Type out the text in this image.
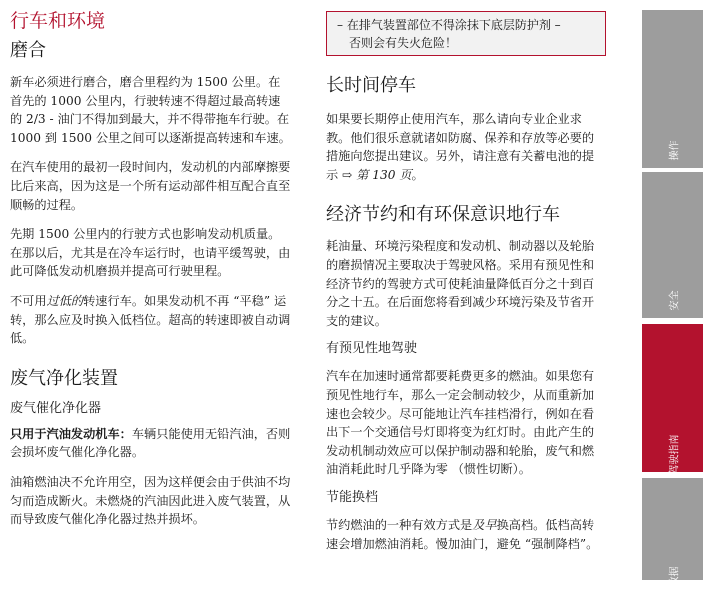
行车和环境
磨合

新车必须进行磨合，磨合里程约为 1500 公里。在首先的 1000 公里内，行驶转速不得超过最高转速的 2/3 - 油门不得加到最大，并不得带拖车行驶。在 1000 到 1500 公里之间可以逐渐提高转速和车速。

在汽车使用的最初一段时间内，发动机的内部摩擦要比后来高，因为这是一个所有运动部件相互配合直至顺畅的过程。

先期 1500 公里内的行驶方式也影响发动机质量。在那以后，尤其是在冷车运行时，也请平缓驾驶，由此可降低发动机磨损并提高可行驶里程。

不可用过低的转速行车。如果发动机不再 “平稳” 运转，那么应及时换入低档位。超高的转速即被自动调低。

废气净化装置
废气催化净化器

只用于汽油发动机车：车辆只能使用无铅汽油，否则会损坏废气催化净化器。

油箱燃油决不允许用空，因为这样便会由于供油不均匀而造成断火。未燃烧的汽油因此进入废气装置，从而导致废气催化净化器过热并损坏。

– 在排气装置部位不得涂抹下底层防护剂 –
否则会有失火危险！
长时间停车

如果要长期停止使用汽车，那么请向专业企业求教。他们很乐意就诸如防腐、保养和存放等必要的措施向您提出建议。另外，请注意有关蓄电池的提示 ⇨ 第 130 页。

经济节约和有环保意识地行车

耗油量、环境污染程度和发动机、制动器以及轮胎的磨损情况主要取决于驾驶风格。采用有预见性和经济节约的驾驶方式可使耗油量降低百分之十到百分之十五。在后面您将看到减少环境污染及节省开支的建议。

有预见性地驾驶

汽车在加速时通常都要耗费更多的燃油。如果您有预见性地行车，那么一定会制动较少，从而重新加速也会较少。尽可能地让汽车挂档滑行，例如在看出下一个交通信号灯即将变为红灯时。由此产生的发动机制动效应可以保护制动器和轮胎，废气和燃油消耗此时几乎降为零 （惯性切断）。

节能换档

节约燃油的一种有效方式是及早换高档。低档高转速会增加燃油消耗。慢加油门，避免 “强制降档”。

操作
安全
驾驶指南
技术数据
